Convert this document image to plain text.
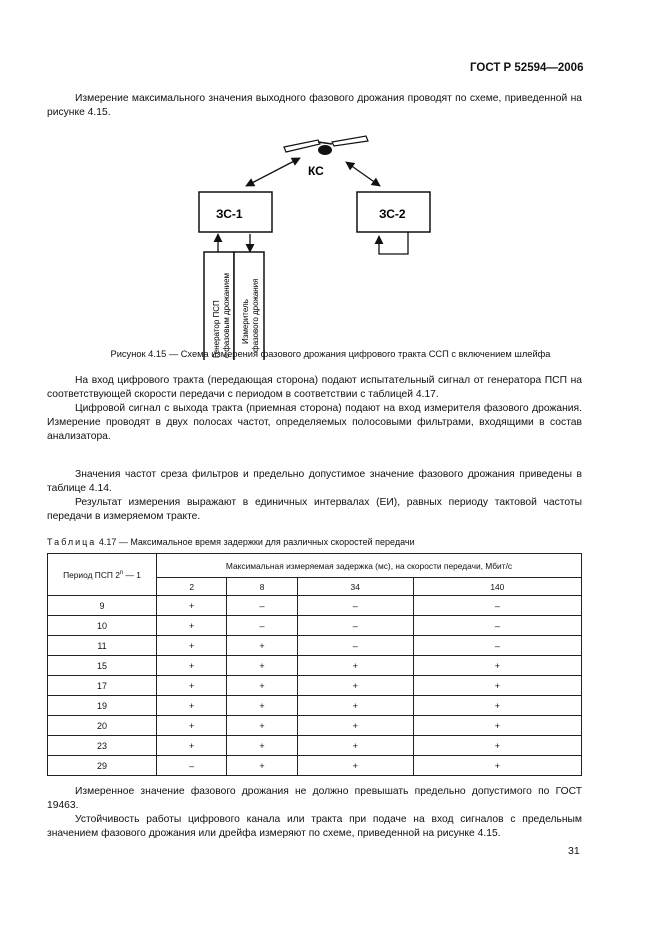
ГОСТ Р 52594—2006
Измерение максимального значения выходного фазового дрожания проводят по схеме, приведенной на рисунке 4.15.
КС
ЗС-1	ЗС-2
Генератор ПСП с фазовым дрожанием Измеритель фазового дрожания
Рисунок 4.15 — Схема измерения фазового дрожания цифрового тракта ССП с включением шлейфа
На вход цифрового тракта (передающая сторона) подают испытательный сигнал от генератора ПСП на соответствующей скорости передачи с периодом в соответствии с таблицей 4.17.
Цифровой сигнал с выхода тракта (приемная сторона) подают на вход измерителя фазового дрожания. Измерение проводят в двух полосах частот, определяемых полосовыми фильтрами, входящими в состав анализатора.
Значения частот среза фильтров и предельно допустимое значение фазового дрожания приведены в таблице 4.14.
Результат измерения выражают в единичных интервалах (ЕИ), равных периоду тактовой частоты передачи в измеряемом тракте.
Таблица 4.17 — Максимальное время задержки для различных скоростей передачи
Период ПСП 2$^n$ — 1	Максимальная измеряемая задержка (мс), на скорости передачи, Мбит/с			
	2	8	34	140
9	+	–	–	–
10	+	–	–	–
11	+	+	–	–
15	+	+	+	+
17	+	+	+	+
19	+	+	+	+
20	+	+	+	+
23	+	+	+	+
29	–	+	+	+
Измеренное значение фазового дрожания не должно превышать предельно допустимого по ГОСТ 19463.
Устойчивость работы цифрового канала или тракта при подаче на вход сигналов с предельным значением фазового дрожания или дрейфа измеряют по схеме, приведенной на рисунке 4.15.
31
